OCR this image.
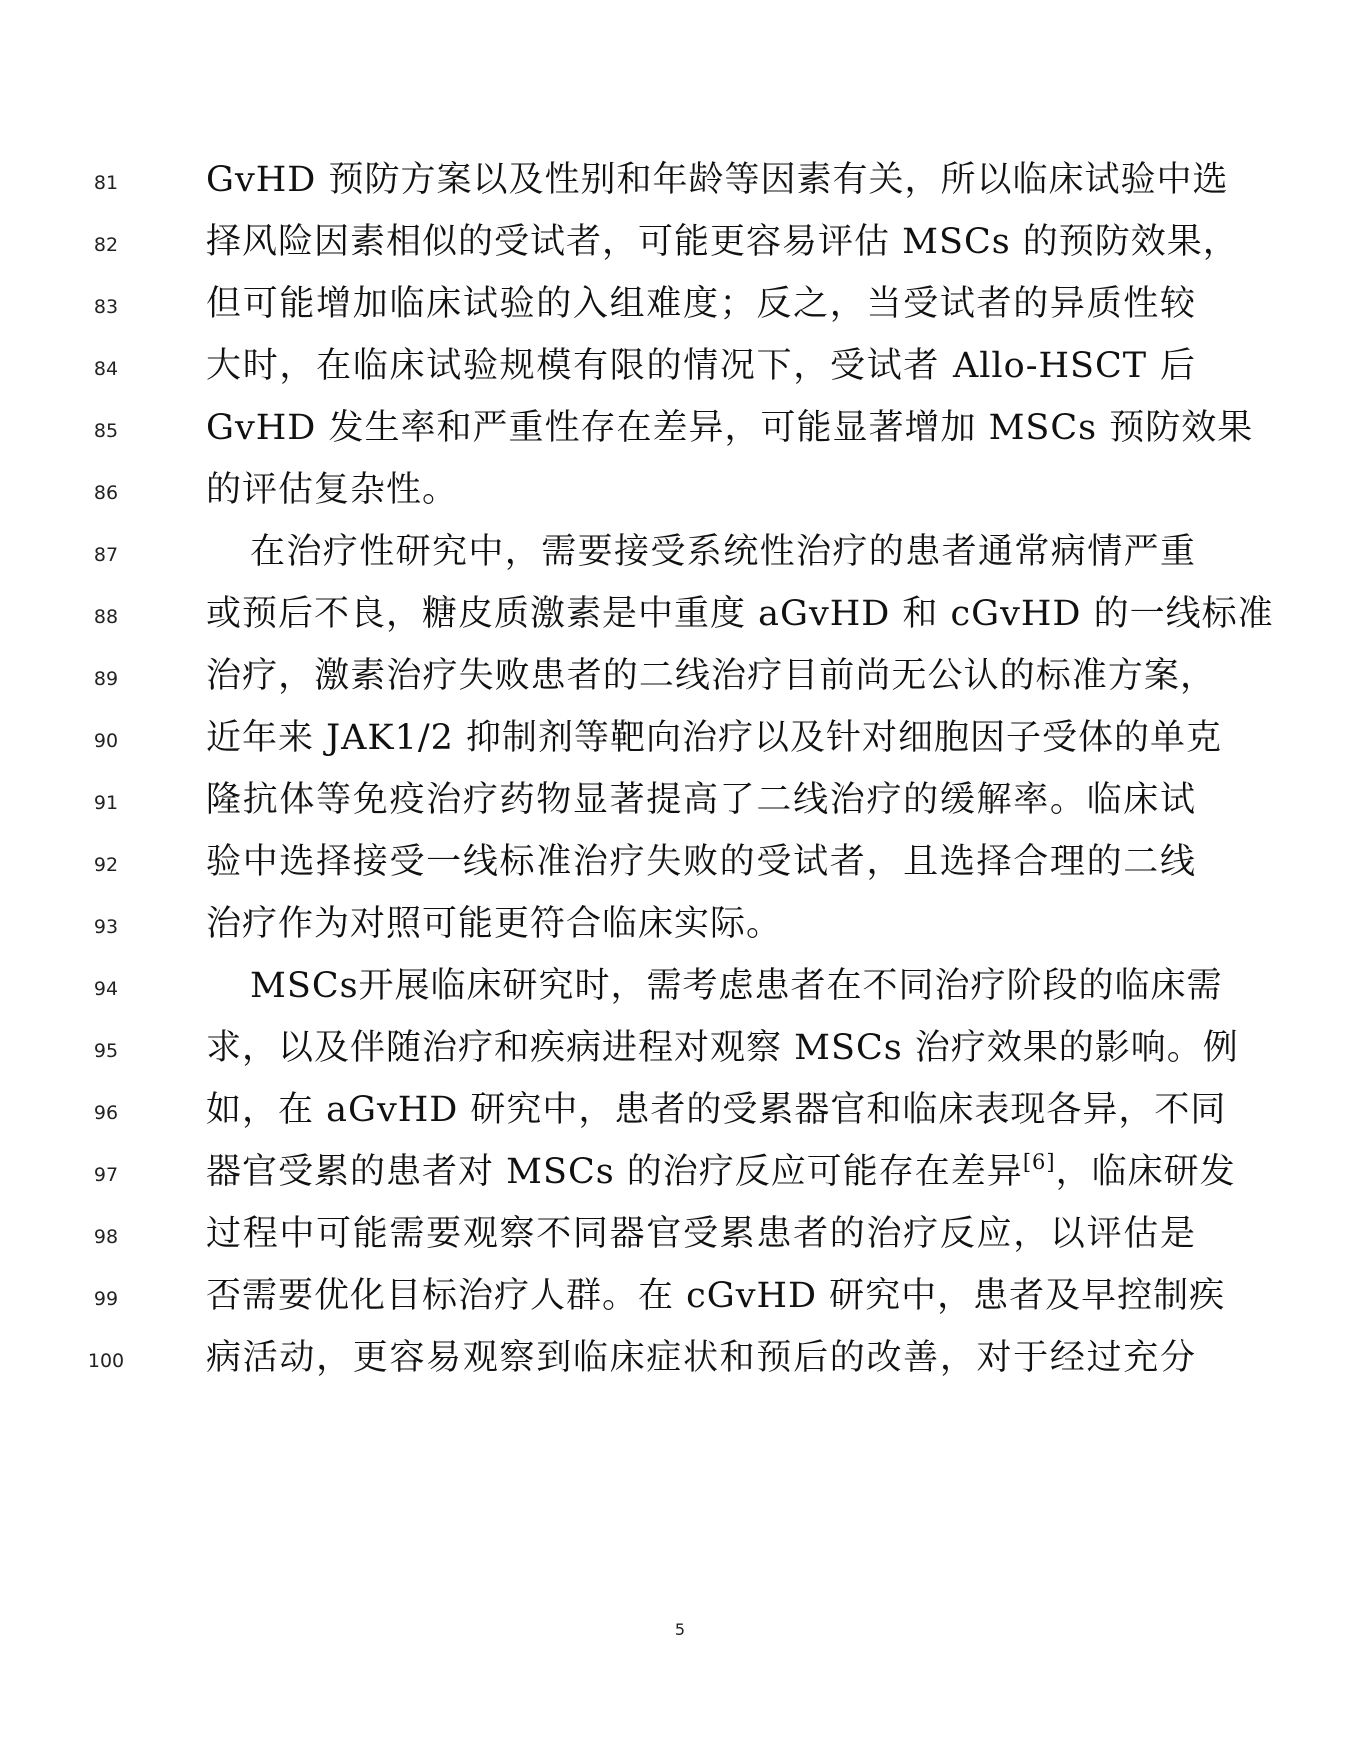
81	GvHD 预防方案以及性别和年龄等因素有关，所以临床试验中选
82	择风险因素相似的受试者，可能更容易评估 MSCs 的预防效果，
83	但可能增加临床试验的入组难度；反之，当受试者的异质性较
84	大时，在临床试验规模有限的情况下，受试者 Allo-HSCT 后
85	GvHD 发生率和严重性存在差异，可能显著增加 MSCs 预防效果
86	的评估复杂性。
87	在治疗性研究中，需要接受系统性治疗的患者通常病情严重
88	或预后不良，糖皮质激素是中重度 aGvHD 和 cGvHD 的一线标准
89	治疗，激素治疗失败患者的二线治疗目前尚无公认的标准方案，
90	近年来 JAK1/2 抑制剂等靶向治疗以及针对细胞因子受体的单克
91	隆抗体等免疫治疗药物显著提高了二线治疗的缓解率。临床试
92	验中选择接受一线标准治疗失败的受试者，且选择合理的二线
93	治疗作为对照可能更符合临床实际。
94	MSCs开展临床研究时，需考虑患者在不同治疗阶段的临床需
95	求，以及伴随治疗和疾病进程对观察 MSCs 治疗效果的影响。例
96	如，在 aGvHD 研究中，患者的受累器官和临床表现各异，不同
97	器官受累的患者对 MSCs 的治疗反应可能存在差异[6]，临床研发
98	过程中可能需要观察不同器官受累患者的治疗反应，以评估是
99	否需要优化目标治疗人群。在 cGvHD 研究中，患者及早控制疾
100	病活动，更容易观察到临床症状和预后的改善，对于经过充分
5
